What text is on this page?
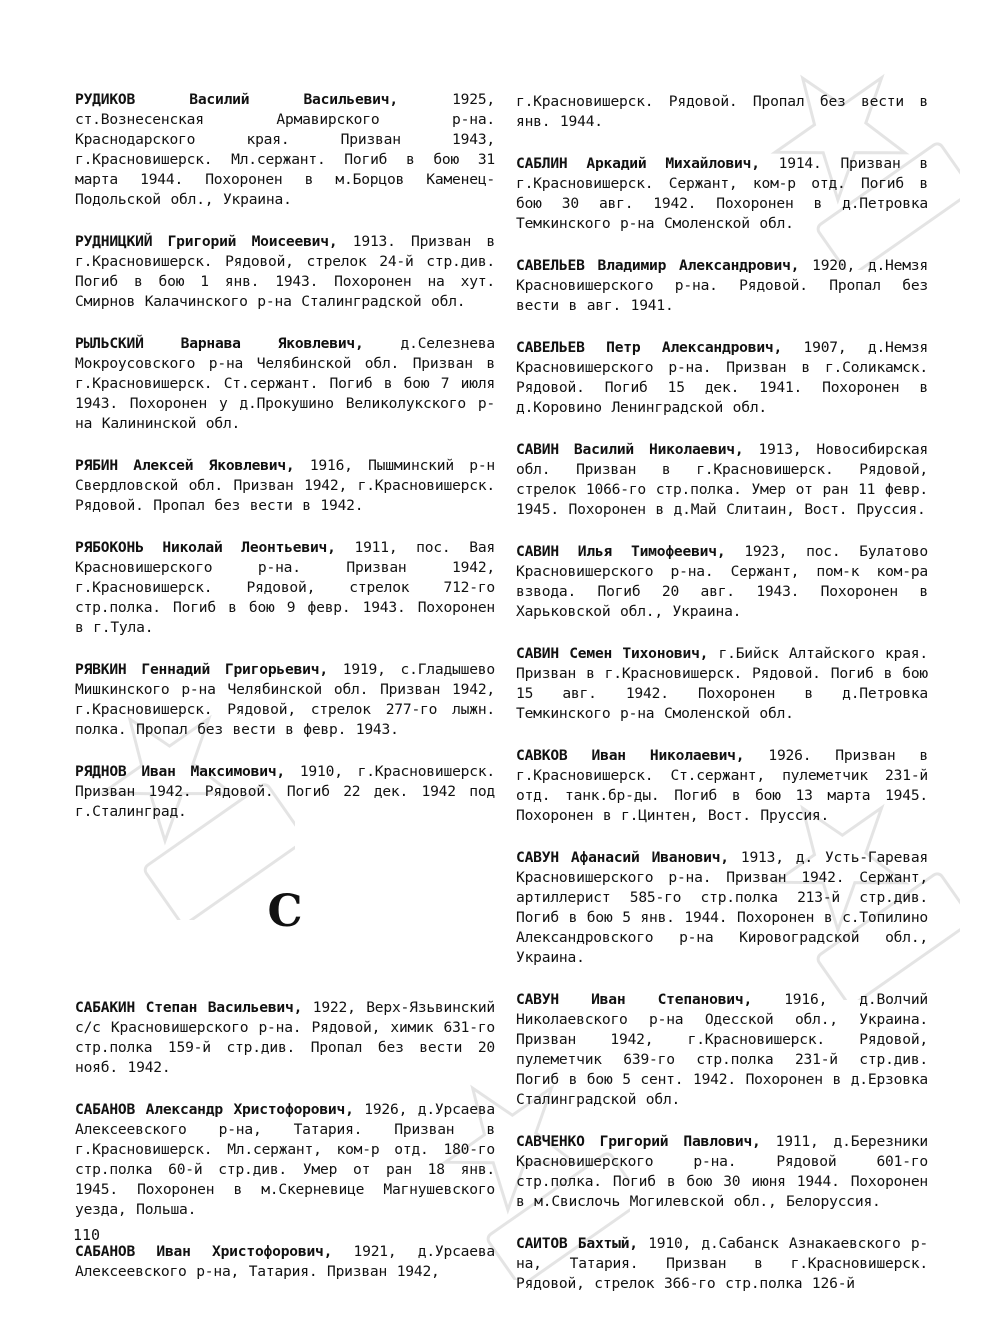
РУДИКОВ Василий Васильевич,	1925, ст.Вознесенская Армавирского р-на. Краснодарского края. Призван 1943, г.Красновишерск. Мл.сержант. Погиб в бою 31 марта 1944. Похоронен в м.Борцов Каменец-Подольской обл., Украина.

РУДНИЦКИЙ Григорий Моисеевич, 1913. Призван в г.Красновишерск. Рядовой, стрелок 24-й стр.див. Погиб в бою 1 янв. 1943. Похоронен на хут. Смирнов Калачинского р-на Сталинградской обл.

РЫЛЬСКИЙ Варнава Яковлевич,	д.Селезнева Мокроусовского р-на Челябинской обл. Призван в г.Красновишерск. Ст.сержант. Погиб в бою 7 июля 1943. Похоронен у д.Прокушино Великолукского р-на Калининской обл.

РЯБИН Алексей Яковлевич, 1916, Пышминский р-н Свердловской обл. Призван 1942, г.Красновишерск. Рядовой. Пропал без вести в 1942.

РЯБОКОНЬ Николай Леонтьевич, 1911, пос. Вая Красновишерского р-на. Призван 1942, г.Красновишерск. Рядовой, стрелок 712-го стр.полка. Погиб в бою 9 февр. 1943. Похоронен в г.Тула.

РЯВКИН Геннадий Григорьевич, 1919, с.Гладышево Мишкинского р-на Челябинской обл. Призван 1942, г.Красновишерск. Рядовой, стрелок 277-го лыжн. полка. Пропал без вести в февр. 1943.

РЯДНОВ Иван Максимович, 1910, г.Красновишерск. Призван 1942. Рядовой. Погиб 22 дек. 1942 под г.Сталинград.

С

САБАКИН Степан Васильевич, 1922, Верх-Язьвинский с/с Красновишерского р-на. Рядовой, химик 631-го стр.полка 159-й стр.див. Пропал без вести 20 нояб. 1942.

САБАНОВ Александр Христофорович, 1926, д.Урсаева Алексеевского р-на, Татария. Призван в г.Красновишерск. Мл.сержант, ком-р отд. 180-го стр.полка 60-й стр.див. Умер от ран 18 янв. 1945. Похоронен в м.Скерневице Магнушевского уезда, Польша.

САБАНОВ Иван Христофорович, 1921, д.Урсаева Алексеевского р-на, Татария. Призван 1942,

г.Красновишерск. Рядовой. Пропал без вести в янв. 1944.

САБЛИН Аркадий Михайлович, 1914. Призван в г.Красновишерск. Сержант, ком-р отд. Погиб в бою 30 авг. 1942. Похоронен в д.Петровка Темкинского р-на Смоленской обл.

САВЕЛЬЕВ Владимир Александрович, 1920, д.Немзя Красновишерского р-на. Рядовой. Пропал без вести в авг. 1941.

САВЕЛЬЕВ Петр Александрович, 1907, д.Немзя Красновишерского р-на. Призван в г.Соликамск. Рядовой. Погиб 15 дек. 1941. Похоронен в д.Коровино Ленинградской обл.

САВИН Василий Николаевич, 1913, Новосибирская обл. Призван в г.Красновишерск. Рядовой, стрелок 1066-го стр.полка. Умер от ран 11 февр. 1945. Похоронен в д.Май Слитаин, Вост. Пруссия.

САВИН Илья Тимофеевич, 1923, пос. Булатово Красновишерского р-на. Сержант, пом-к ком-ра взвода. Погиб 20 авг. 1943. Похоронен в Харьковской обл., Украина.

САВИН Семен Тихонович, г.Бийск Алтайского края. Призван в г.Красновишерск. Рядовой. Погиб в бою 15 авг. 1942. Похоронен в д.Петровка Темкинского р-на Смоленской обл.

САВКОВ Иван Николаевич, 1926. Призван в г.Красновишерск. Ст.сержант, пулеметчик 231-й отд. танк.бр-ды. Погиб в бою 13 марта 1945. Похоронен в г.Цинтен, Вост. Пруссия.

САВУН Афанасий Иванович, 1913, д. Усть-Гаревая Красновишерского р-на. Призван 1942. Сержант, артиллерист 585-го стр.полка 213-й стр.див. Погиб в бою 5 янв. 1944. Похоронен в с.Топилино Александровского р-на Кировоградской обл., Украина.

САВУН Иван Степанович, 1916, д.Волчий Николаевского р-на Одесской обл., Украина. Призван 1942, г.Красновишерск. Рядовой, пулеметчик 639-го стр.полка 231-й стр.див. Погиб в бою 5 сент. 1942. Похоронен в д.Ерзовка Сталинградской обл.

САВЧЕНКО Григорий Павлович, 1911, д.Березники Красновишерского р-на. Рядовой 601-го стр.полка. Погиб в бою 30 июня 1944. Похоронен в м.Свислочь Могилевской обл., Белоруссия.

САИТОВ Бахтый, 1910, д.Сабанск Азнакаевского р-на, Татария. Призван в г.Красновишерск. Рядовой, стрелок 366-го стр.полка 126-й

110
